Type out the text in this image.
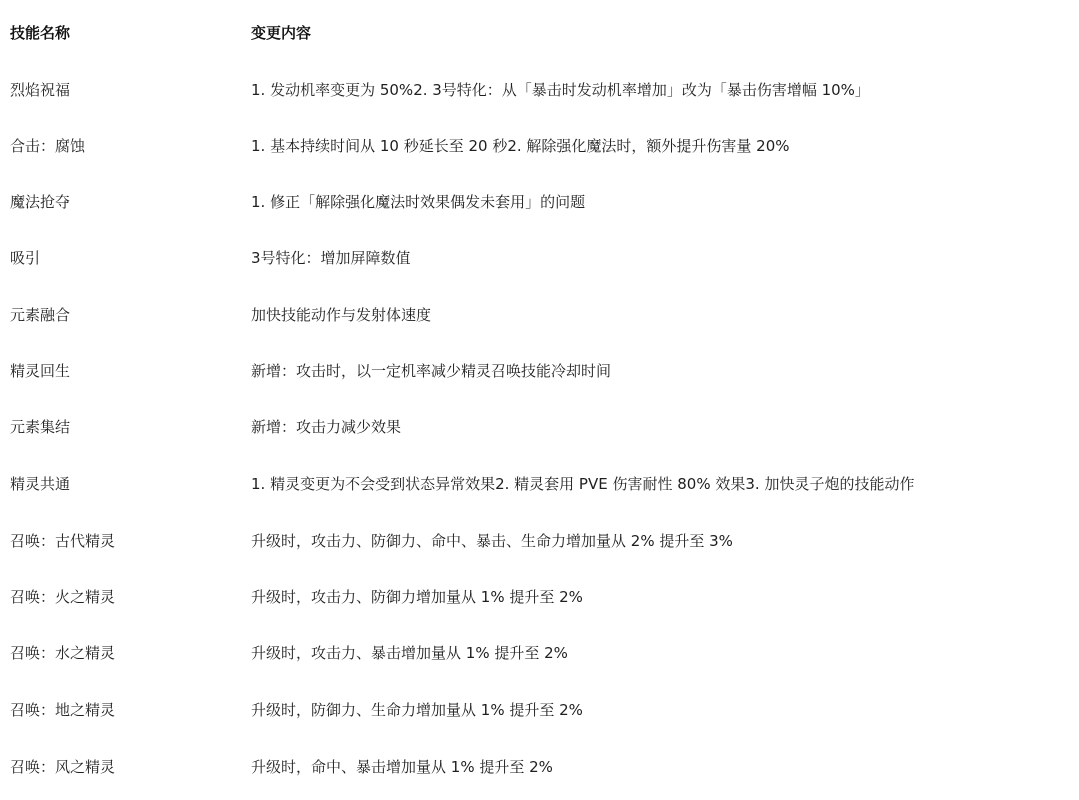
技能名称	变更内容
烈焰祝福	1. 发动机率变更为 50%2. 3号特化：从「暴击时发动机率增加」改为「暴击伤害增幅 10%」
合击：腐蚀	1. 基本持续时间从 10 秒延长至 20 秒2. 解除强化魔法时，额外提升伤害量 20%
魔法抢夺	1. 修正「解除强化魔法时效果偶发未套用」的问题
吸引	3号特化：增加屏障数值
元素融合	加快技能动作与发射体速度
精灵回生	新增：攻击时，以一定机率减少精灵召唤技能冷却时间
元素集结	新增：攻击力减少效果
精灵共通	1. 精灵变更为不会受到状态异常效果2. 精灵套用 PVE 伤害耐性 80% 效果3. 加快灵子炮的技能动作
召唤：古代精灵	升级时，攻击力、防御力、命中、暴击、生命力增加量从 2% 提升至 3%
召唤：火之精灵	升级时，攻击力、防御力增加量从 1% 提升至 2%
召唤：水之精灵	升级时，攻击力、暴击增加量从 1% 提升至 2%
召唤：地之精灵	升级时，防御力、生命力增加量从 1% 提升至 2%
召唤：风之精灵	升级时，命中、暴击增加量从 1% 提升至 2%
